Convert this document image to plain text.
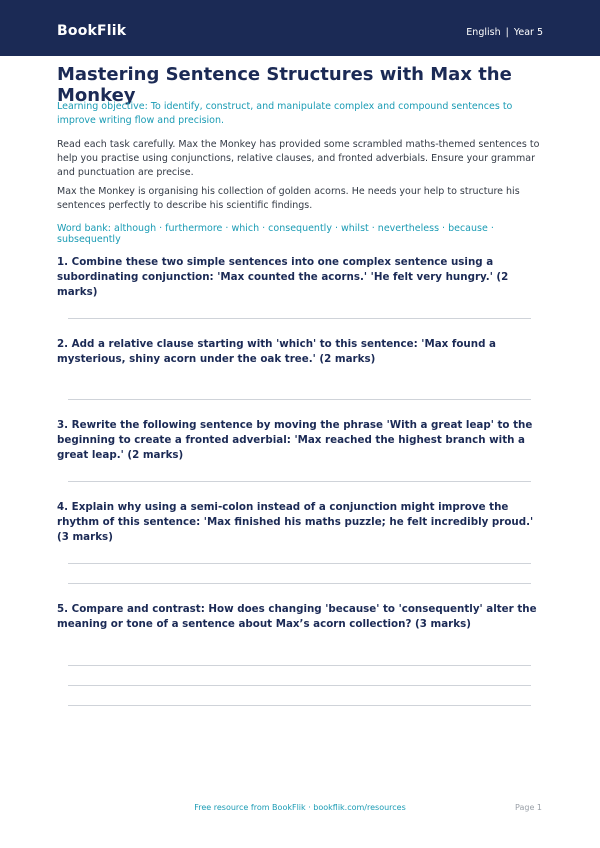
BookFlik	English | Year 5
Mastering Sentence Structures with Max the Monkey

Learning objective: To identify, construct, and manipulate complex and compound sentences to improve writing flow and precision.

Read each task carefully. Max the Monkey has provided some scrambled maths-themed sentences to help you practise using conjunctions, relative clauses, and fronted adverbials. Ensure your grammar and punctuation are precise.

Max the Monkey is organising his collection of golden acorns. He needs your help to structure his sentences perfectly to describe his scientific findings.

Word bank: although · furthermore · which · consequently · whilst · nevertheless · because · subsequently

1. Combine these two simple sentences into one complex sentence using a subordinating conjunction: 'Max counted the acorns.' 'He felt very hungry.' (2 marks)

2. Add a relative clause starting with 'which' to this sentence: 'Max found a mysterious, shiny acorn under the oak tree.' (2 marks)

3. Rewrite the following sentence by moving the phrase 'With a great leap' to the beginning to create a fronted adverbial: 'Max reached the highest branch with a great leap.' (2 marks)

4. Explain why using a semi-colon instead of a conjunction might improve the rhythm of this sentence: 'Max finished his maths puzzle; he felt incredibly proud.' (3 marks)

5. Compare and contrast: How does changing 'because' to 'consequently' alter the meaning or tone of a sentence about Max’s acorn collection? (3 marks)

Free resource from BookFlik · bookflik.com/resources	Page 1
